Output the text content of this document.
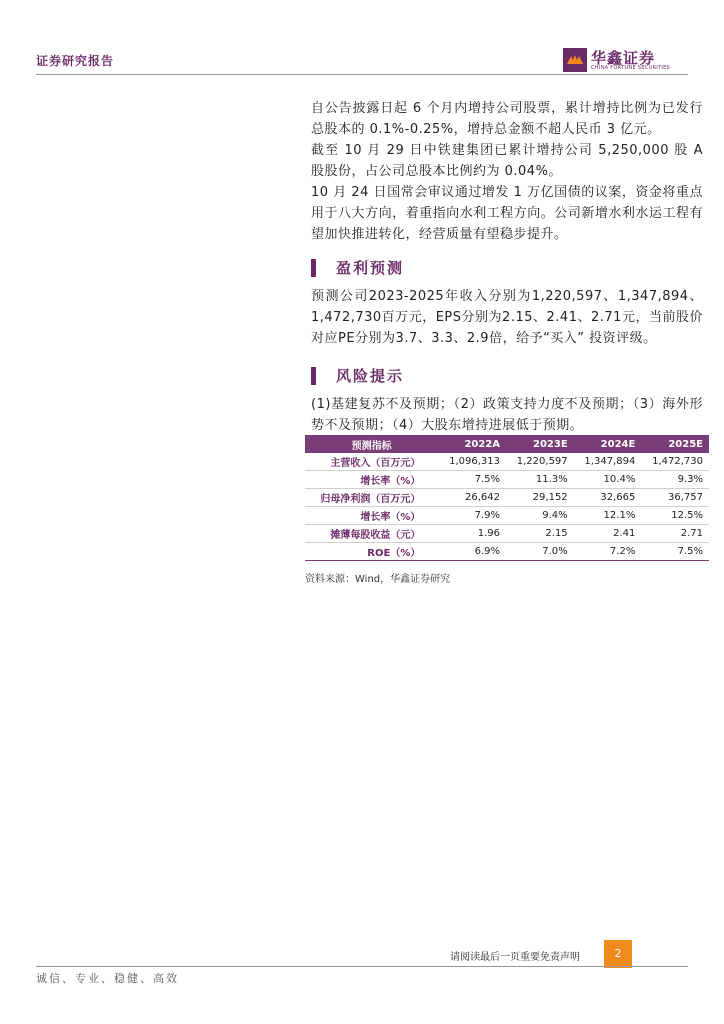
证券研究报告	华鑫证券
CHINA FORTUNE SECURITIES

自公告披露日起 6 个月内增持公司股票，累计增持比例为已发行总股本的 0.1%-0.25%，增持总金额不超人民币 3 亿元。

截至 10 月 29 日中铁建集团已累计增持公司 5,250,000 股 A 股股份，占公司总股本比例约为 0.04%。

10 月 24 日国常会审议通过增发 1 万亿国债的议案，资金将重点用于八大方向，着重指向水利工程方向。公司新增水利水运工程有望加快推进转化，经营质量有望稳步提升。

盈利预测

预测公司2023-2025年收入分别为1,220,597、1,347,894、1,472,730百万元，EPS分别为2.15、2.41、2.71元，当前股价对应PE分别为3.7、3.3、2.9倍，给予“买入” 投资评级。

风险提示

(1)基建复苏不及预期；（2）政策支持力度不及预期；（3）海外形势不及预期；（4）大股东增持进展低于预期。

预测指标	2022A	2023E	2024E	2025E
主营收入（百万元）	1,096,313	1,220,597	1,347,894	1,472,730
增长率（%）	7.5%	11.3%	10.4%	9.3%
归母净利润（百万元）	26,642	29,152	32,665	36,757
增长率（%）	7.9%	9.4%	12.1%	12.5%
摊薄每股收益（元）	1.96	2.15	2.41	2.71
ROE（%）	6.9%	7.0%	7.2%	7.5%
资料来源：Wind，华鑫证券研究
请阅读最后一页重要免责声明	2
诚信、专业、稳健、高效
